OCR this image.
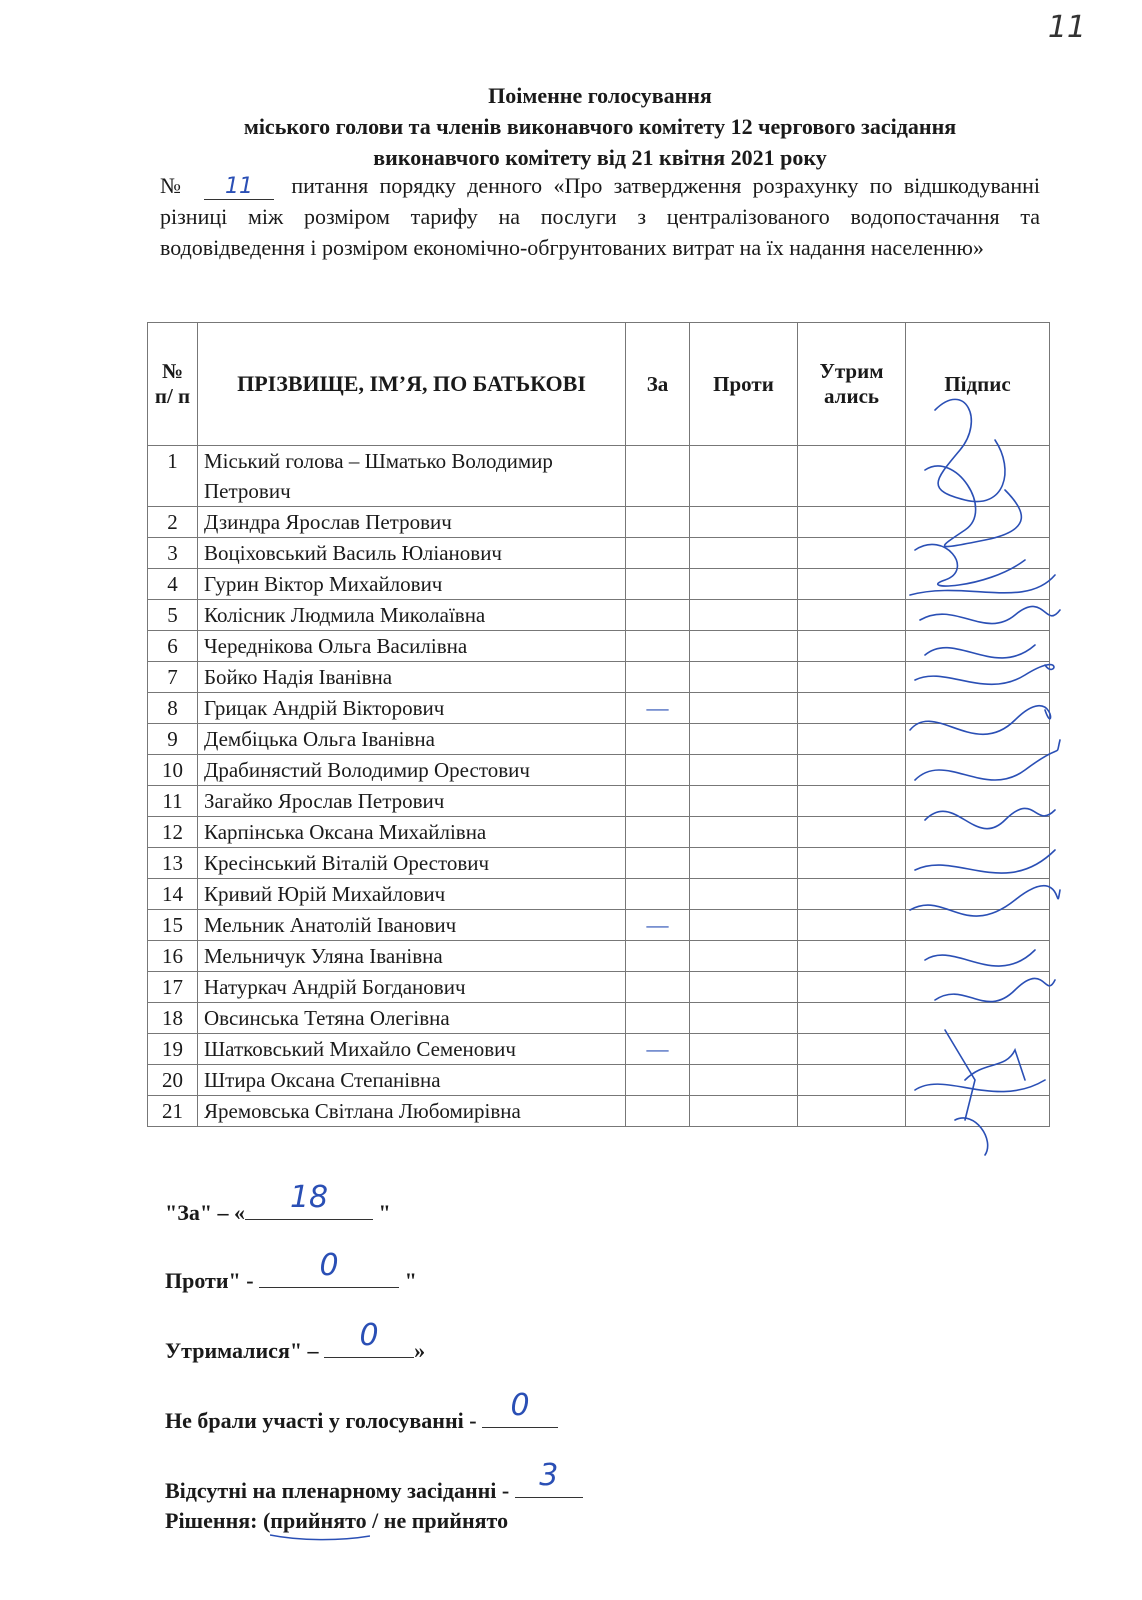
11
Поіменне голосування
міського голови та членів виконавчого комітету 12 чергового засідання
виконавчого комітету від 21 квітня 2021 року
№ 11 питання порядку денного «Про затвердження розрахунку по відшкодуванні різниці між розміром тарифу на послуги з централізованого водопостачання та водовідведення і розміром економічно-обгрунтованих витрат на їх надання населенню»
№ п/ п	ПРІЗВИЩЕ, ІМ’Я, ПО БАТЬКОВІ	За	Проти	Утрим ались	Підпис
1	Міський голова – Шматько Володимир Петрович				
2	Дзиндра Ярослав Петрович				
3	Воціховський Василь Юліанович				
4	Гурин Віктор Михайлович				
5	Колісник Людмила Миколаївна				
6	Череднікова Ольга Василівна				
7	Бойко Надія Іванівна				
8	Грицак Андрій Вікторович	—			
9	Дембіцька Ольга Іванівна				
10	Драбинястий Володимир Орестович				
11	Загайко Ярослав Петрович				
12	Карпінська Оксана Михайлівна				
13	Кресінський Віталій Орестович				
14	Кривий Юрій Михайлович				
15	Мельник Анатолій Іванович	—			
16	Мельничук Уляна Іванівна				
17	Натуркач Андрій Богданович				
18	Овсинська Тетяна Олегівна				
19	Шатковський Михайло Семенович	—			
20	Штира Оксана Степанівна				
21	Яремовська Світлана Любомирівна				
"За" – «	18	"
Проти" -	0	"
Утрималися" –	0	»
Не брали участі у голосуванні - 0
Відсутні на пленарному засіданні - 3
Рішення: (прийнято
/ не прийнято
